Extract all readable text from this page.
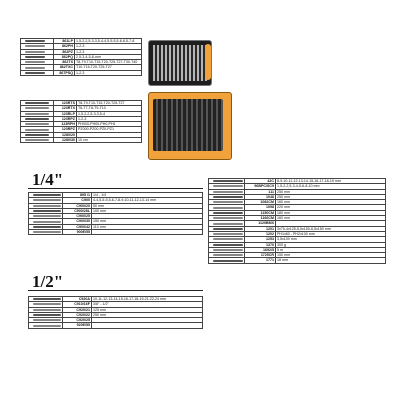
	861LP	1,5-2-2,5-3-3,5-4-4,5-5-5,5-6-6,5-7-8

	862PH	1-2-3

	862PZ	1-2-3

	862PQ	2,5-3-4-5-6-mm

	862TX	T8-T9-T10-T15-T20-T25-T27-T30-T40

	862TXC	T10-T15-T20-T25-T27

	867PSQ	1-2-3
	123RTS	T8-T9-T10-T15-T20-T25-T27

	123RTX	T6-T7-T8-T9-T10

	123RLP	1,5-2-2,5-3-3,5-4

	123RPZ	1-2-3

	123RPH	PH000-PH00-PH0-PH1

	123RPZ	PZ000-PZ00-PZ0-PZ1

	1280/20	

	1280/30	10 cm
1/4"
	895 /1	1/4 - 1/4

	C900	4-4,5-5-5,5-6-7-8-9-10-11-12-13-14 mm

	C900/20	50 mm

	C900/28L	100 mm

	C900/25	

	C900/30	150 mm

	C900/42	110 mm

	900E/55	
1/2"
	C920A	10-11-12-13-14-15-16-17-18-19-21-22-24 mm

	C910/16F	3/8" - 1/2"

	C920/21	125 mm

	C920/22	250 mm

	C920/25	

	920E/55	
	42C	8-9-10-11-12-13-14-15-16-17-18-19 mm

	96BPC/SC9	1,5-2-2,5-3-4-5-6-8-10 mm

	111	250 mm

	1048	250 mm

	1082CM	160 mm

	1098	220 mm

	1150CM	180 mm

	1166CM	160 mm

	1120BMX	

	1201	3x75-4x125-5,5x150-6,5x150 mm

	1202	PH1x60 - PH2x100 mm

	1253	3,5x100 mm

	1370	300 g

	1692/5	5 m

	1725CR	150 mm

	1771	18 mm
